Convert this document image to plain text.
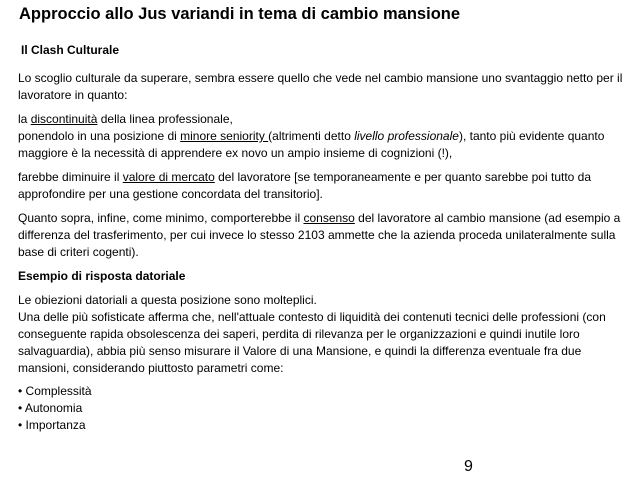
Approccio allo Jus variandi in tema di cambio mansione
Il Clash Culturale

Lo scoglio culturale da superare, sembra essere quello che vede nel cambio mansione uno svantaggio netto per il lavoratore in quanto:

la discontinuità della linea professionale,

ponendolo in una posizione di minore seniority (altrimenti detto livello professionale), tanto più evidente quanto maggiore è la necessità di apprendere ex novo un ampio insieme di cognizioni (!),

farebbe diminuire il valore di mercato del lavoratore [se temporaneamente e per quanto sarebbe poi tutto da approfondire per una gestione concordata del transitorio].

Quanto sopra, infine, come minimo, comporterebbe il consenso del lavoratore al cambio mansione (ad esempio a differenza del trasferimento, per cui invece lo stesso 2103 ammette che la azienda proceda unilateralmente sulla base di criteri cogenti).

Esempio di risposta datoriale

Le obiezioni datoriali a questa posizione sono molteplici.

Una delle più sofisticate afferma che, nell'attuale contesto di liquidità dei contenuti tecnici delle professioni (con conseguente rapida obsolescenza dei saperi, perdita di rilevanza per le organizzazioni e quindi inutile loro salvaguardia), abbia più senso misurare il Valore di una Mansione, e quindi la differenza eventuale fra due mansioni, considerando piuttosto parametri come:

• Complessità
• Autonomia
• Importanza
9
